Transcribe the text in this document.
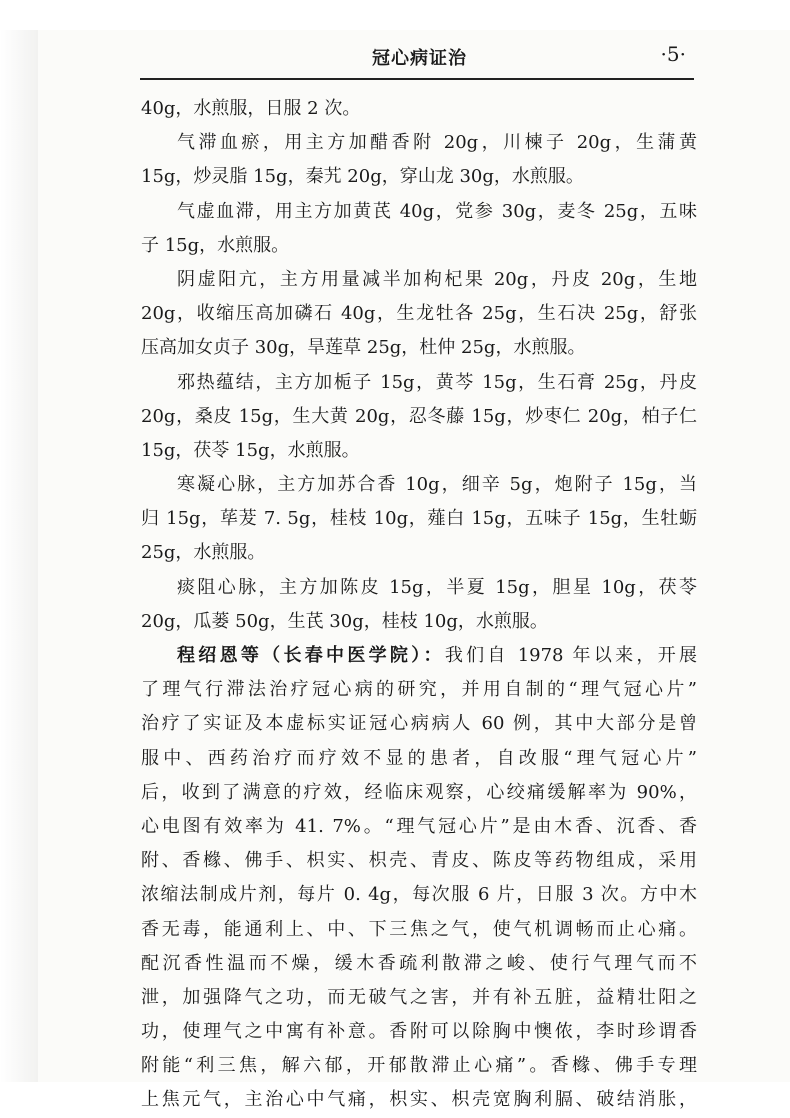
冠心病证治	·5·
40g，水煎服，日服 2 次。
气滞血瘀，用主方加醋香附 20g，川楝子 20g，生蒲黄
15g，炒灵脂 15g，秦艽 20g，穿山龙 30g，水煎服。
气虚血滞，用主方加黄芪 40g，党参 30g，麦冬 25g，五味
子 15g，水煎服。
阴虚阳亢，主方用量减半加枸杞果 20g，丹皮 20g，生地
20g，收缩压高加磷石 40g，生龙牡各 25g，生石决 25g，舒张
压高加女贞子 30g，旱莲草 25g，杜仲 25g，水煎服。
邪热蕴结，主方加栀子 15g，黄芩 15g，生石膏 25g，丹皮
20g，桑皮 15g，生大黄 20g，忍冬藤 15g，炒枣仁 20g，柏子仁
15g，茯苓 15g，水煎服。
寒凝心脉，主方加苏合香 10g，细辛 5g，炮附子 15g，当
归 15g，荜茇 7. 5g，桂枝 10g，薤白 15g，五味子 15g，生牡蛎
25g，水煎服。
痰阻心脉，主方加陈皮 15g，半夏 15g，胆星 10g，茯苓
20g，瓜蒌 50g，生芪 30g，桂枝 10g，水煎服。
程绍恩等（长春中医学院）：我们自 1978 年以来，开展
了理气行滞法治疗冠心病的研究，并用自制的“理气冠心片”
治疗了实证及本虚标实证冠心病病人 60 例，其中大部分是曾
服中、西药治疗而疗效不显的患者，自改服“理气冠心片”
后，收到了满意的疗效，经临床观察，心绞痛缓解率为 90%，
心电图有效率为 41. 7%。“理气冠心片”是由木香、沉香、香
附、香橼、佛手、枳实、枳壳、青皮、陈皮等药物组成，采用
浓缩法制成片剂，每片 0. 4g，每次服 6 片，日服 3 次。方中木
香无毒，能通利上、中、下三焦之气，使气机调畅而止心痛。
配沉香性温而不燥，缓木香疏利散滞之峻、使行气理气而不
泄，加强降气之功，而无破气之害，并有补五脏，益精壮阳之
功，使理气之中寓有补意。香附可以除胸中懊侬，李时珍谓香
附能“利三焦，解六郁，开郁散滞止心痛”。香橼、佛手专理
上焦元气，主治心中气痛，枳实、枳壳宽胸利膈、破结消胀，
